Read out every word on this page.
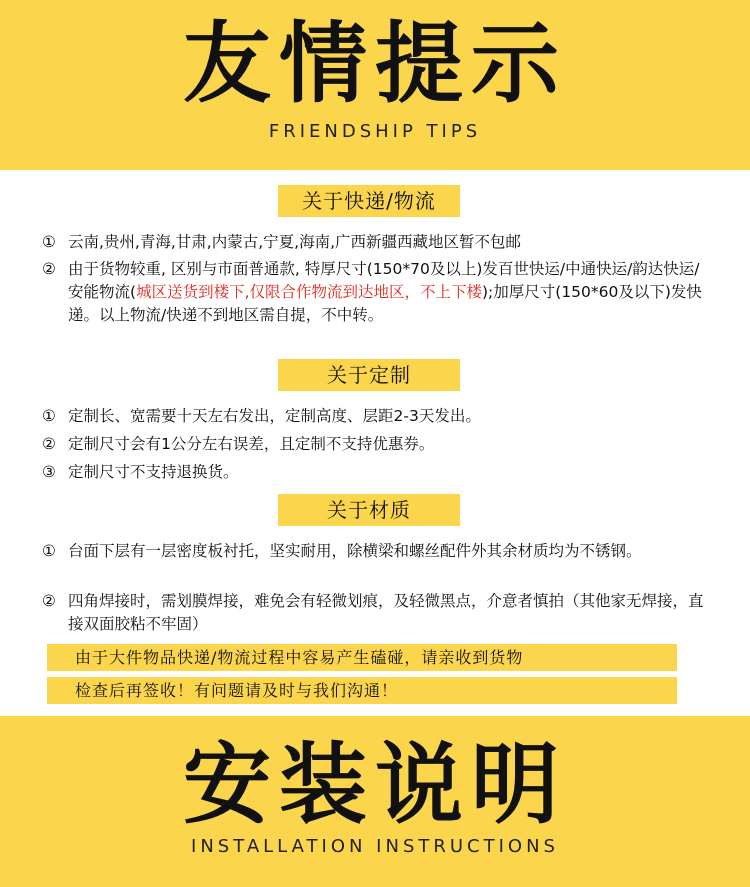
友情提示
FRIENDSHIP TIPS
关于快递/物流
① 云南,贵州,青海,甘肃,内蒙古,宁夏,海南,广西新疆西藏地区暂不包邮
② 由于货物较重, 区别与市面普通款, 特厚尺寸(150*70及以上)发百世快运/中通快运/韵达快运/安能物流(城区送货到楼下,仅限合作物流到达地区，不上下楼);加厚尺寸(150*60及以下)发快递。以上物流/快递不到地区需自提，不中转。
关于定制
① 定制长、宽需要十天左右发出，定制高度、层距2-3天发出。
② 定制尺寸会有1公分左右误差，且定制不支持优惠券。
③ 定制尺寸不支持退换货。
关于材质
① 台面下层有一层密度板衬托，坚实耐用，除横梁和螺丝配件外其余材质均为不锈钢。
② 四角焊接时，需划膜焊接，难免会有轻微划痕，及轻微黑点，介意者慎拍（其他家无焊接，直接双面胶粘不牢固）
由于大件物品快递/物流过程中容易产生磕碰，请亲收到货物
检查后再签收！有问题请及时与我们沟通！
安装说明
INSTALLATION INSTRUCTIONS
